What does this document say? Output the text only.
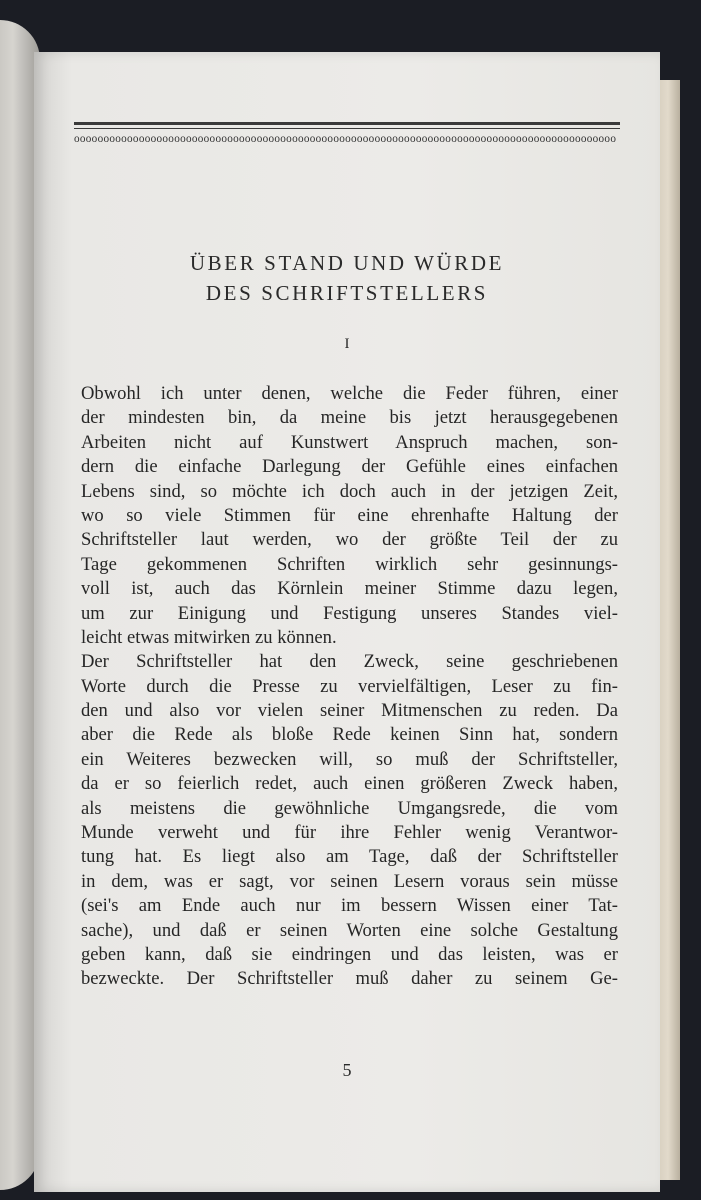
oooooooooooooooooooooooooooooooooooooooooooooooooooooooooooooooooooooooooooooooooooooooooooo
ÜBER STAND UND WÜRDE
DES SCHRIFTSTELLERS
I
Obwohl ich unter denen, welche die Feder führen, einer
der mindesten bin, da meine bis jetzt herausgegebenen
Arbeiten nicht auf Kunstwert Anspruch machen, son-
dern die einfache Darlegung der Gefühle eines einfachen
Lebens sind, so möchte ich doch auch in der jetzigen Zeit,
wo so viele Stimmen für eine ehrenhafte Haltung der
Schriftsteller laut werden, wo der größte Teil der zu
Tage gekommenen Schriften wirklich sehr gesinnungs-
voll ist, auch das Körnlein meiner Stimme dazu legen,
um zur Einigung und Festigung unseres Standes viel-
leicht etwas mitwirken zu können.
Der Schriftsteller hat den Zweck, seine geschriebenen
Worte durch die Presse zu vervielfältigen, Leser zu fin-
den und also vor vielen seiner Mitmenschen zu reden. Da
aber die Rede als bloße Rede keinen Sinn hat, sondern
ein Weiteres bezwecken will, so muß der Schriftsteller,
da er so feierlich redet, auch einen größeren Zweck haben,
als meistens die gewöhnliche Umgangsrede, die vom
Munde verweht und für ihre Fehler wenig Verantwor-
tung hat. Es liegt also am Tage, daß der Schriftsteller
in dem, was er sagt, vor seinen Lesern voraus sein müsse
(sei's am Ende auch nur im bessern Wissen einer Tat-
sache), und daß er seinen Worten eine solche Gestaltung
geben kann, daß sie eindringen und das leisten, was er
bezweckte. Der Schriftsteller muß daher zu seinem Ge-
5
